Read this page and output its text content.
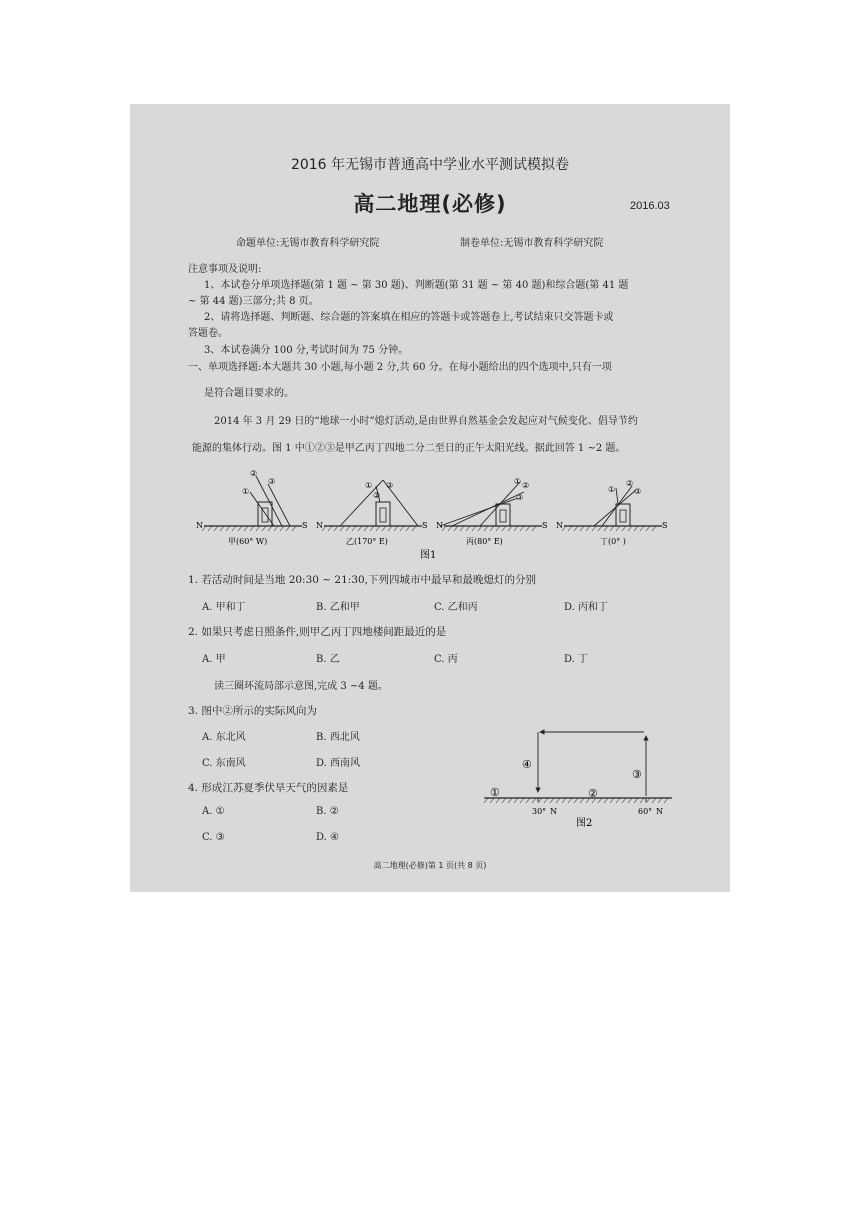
2016 年无锡市普通高中学业水平测试模拟卷
高二地理(必修)	2016.03
命题单位:无锡市教育科学研究院	制卷单位:无锡市教育科学研究院
注意事项及说明:
1、本试卷分单项选择题(第 1 题 ~ 第 30 题)、判断题(第 31 题 ~ 第 40 题)和综合题(第 41 题
~ 第 44 题)三部分;共 8 页。
2、请将选择题、判断题、综合题的答案填在相应的答题卡或答题卷上,考试结束只交答题卡或
答题卷。
3、本试卷满分 100 分,考试时间为 75 分钟。
一、单项选择题:本大题共 30 小题,每小题 2 分,共 60 分。在每小题给出的四个选项中,只有一项
是符合题目要求的。
2014 年 3 月 29 日的“地球一小时”熄灯活动,是由世界自然基金会发起应对气候变化、倡导节约
能源的集体行动。图 1 中①②③是甲乙丙丁四地二分二至日的正午太阳光线。据此回答 1 ~2 题。
N	S N	S N	S N	S
①
②
③	① ③
②
① ②
③
①
②
③
甲(60° W)	乙(170° E)	丙(80° E)	丁(0° )
图1
1. 若活动时间是当地 20:30 ~ 21:30,下列四城市中最早和最晚熄灯的分别
A. 甲和丁	B. 乙和甲	C. 乙和丙	D. 丙和丁
2. 如果只考虑日照条件,则甲乙丙丁四地楼间距最近的是
A. 甲	B. 乙	C. 丙	D. 丁
读三圈环流局部示意图,完成 3 ~4 题。
3. 图中②所示的实际风向为
A. 东北风	B. 西北风
C. 东南风	D. 西南风
4. 形成江苏夏季伏旱天气的因素是
A. ①	B. ②
C. ③	D. ④
④
③
①	②
30° N	60° N
图2
高二地理(必修)第 1 页(共 8 页)
